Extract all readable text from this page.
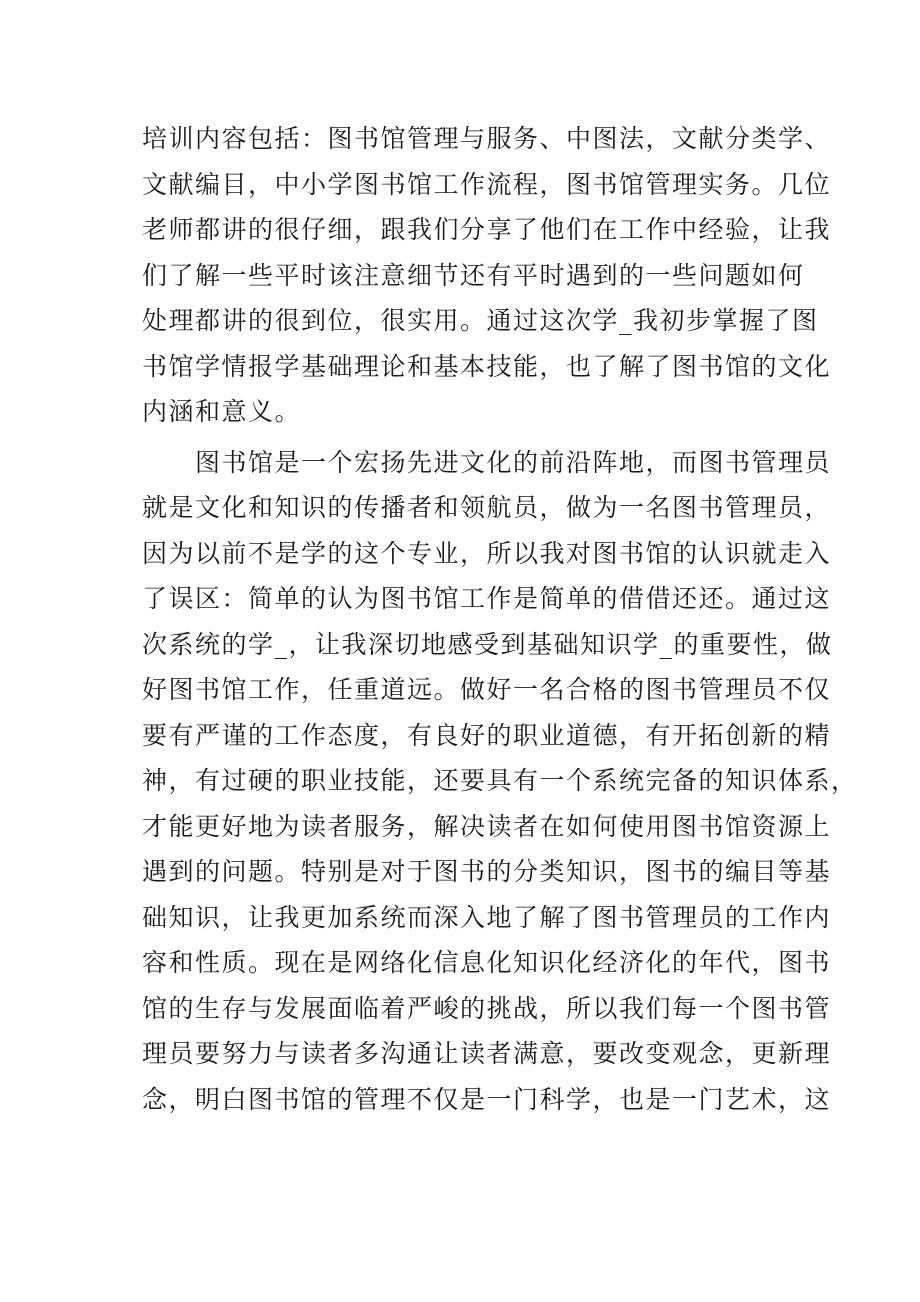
培训内容包括：图书馆管理与服务、中图法，文献分类学、
文献编目，中小学图书馆工作流程，图书馆管理实务。几位
老师都讲的很仔细，跟我们分享了他们在工作中经验，让我
们了解一些平时该注意细节还有平时遇到的一些问题如何
处理都讲的很到位，很实用。通过这次学_我初步掌握了图
书馆学情报学基础理论和基本技能，也了解了图书馆的文化
内涵和意义。
　　图书馆是一个宏扬先进文化的前沿阵地，而图书管理员
就是文化和知识的传播者和领航员，做为一名图书管理员，
因为以前不是学的这个专业，所以我对图书馆的认识就走入
了误区：简单的认为图书馆工作是简单的借借还还。通过这
次系统的学_，让我深切地感受到基础知识学_的重要性，做
好图书馆工作，任重道远。做好一名合格的图书管理员不仅
要有严谨的工作态度，有良好的职业道德，有开拓创新的精
神，有过硬的职业技能，还要具有一个系统完备的知识体系，
才能更好地为读者服务，解决读者在如何使用图书馆资源上
遇到的问题。特别是对于图书的分类知识，图书的编目等基
础知识，让我更加系统而深入地了解了图书管理员的工作内
容和性质。现在是网络化信息化知识化经济化的年代，图书
馆的生存与发展面临着严峻的挑战，所以我们每一个图书管
理员要努力与读者多沟通让读者满意，要改变观念，更新理
念，明白图书馆的管理不仅是一门科学，也是一门艺术，这
